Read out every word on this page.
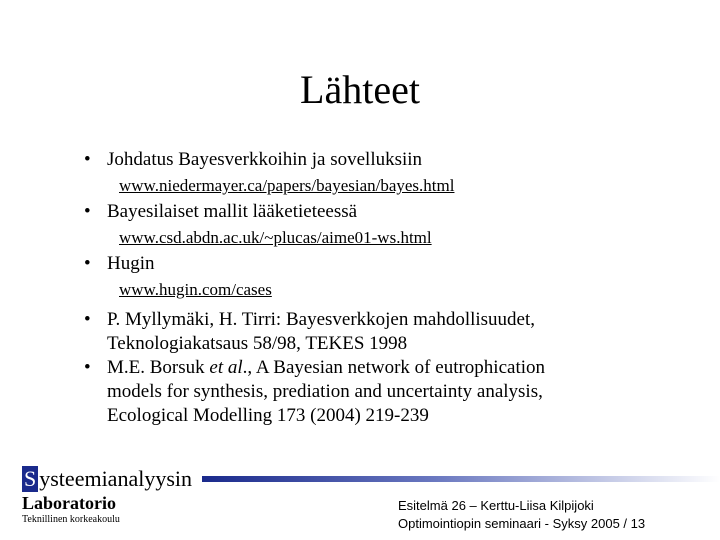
Lähteet
• Johdatus Bayesverkkoihin ja sovelluksiin
www.niedermayer.ca/papers/bayesian/bayes.html
• Bayesilaiset mallit lääketieteessä
www.csd.abdn.ac.uk/~plucas/aime01-ws.html
• Hugin
www.hugin.com/cases
• P. Myllymäki, H. Tirri: Bayesverkkojen mahdollisuudet,
Teknologiakatsaus 58/98, TEKES 1998
• M.E. Borsuk et al., A Bayesian network of eutrophication
models for synthesis, prediation and uncertainty analysis,
Ecological Modelling 173 (2004) 219-239
S ysteemianalyysin
Laboratorio
Teknillinen korkeakoulu
Esitelmä 26 – Kerttu-Liisa Kilpijoki
Optimointiopin seminaari - Syksy 2005 / 13
